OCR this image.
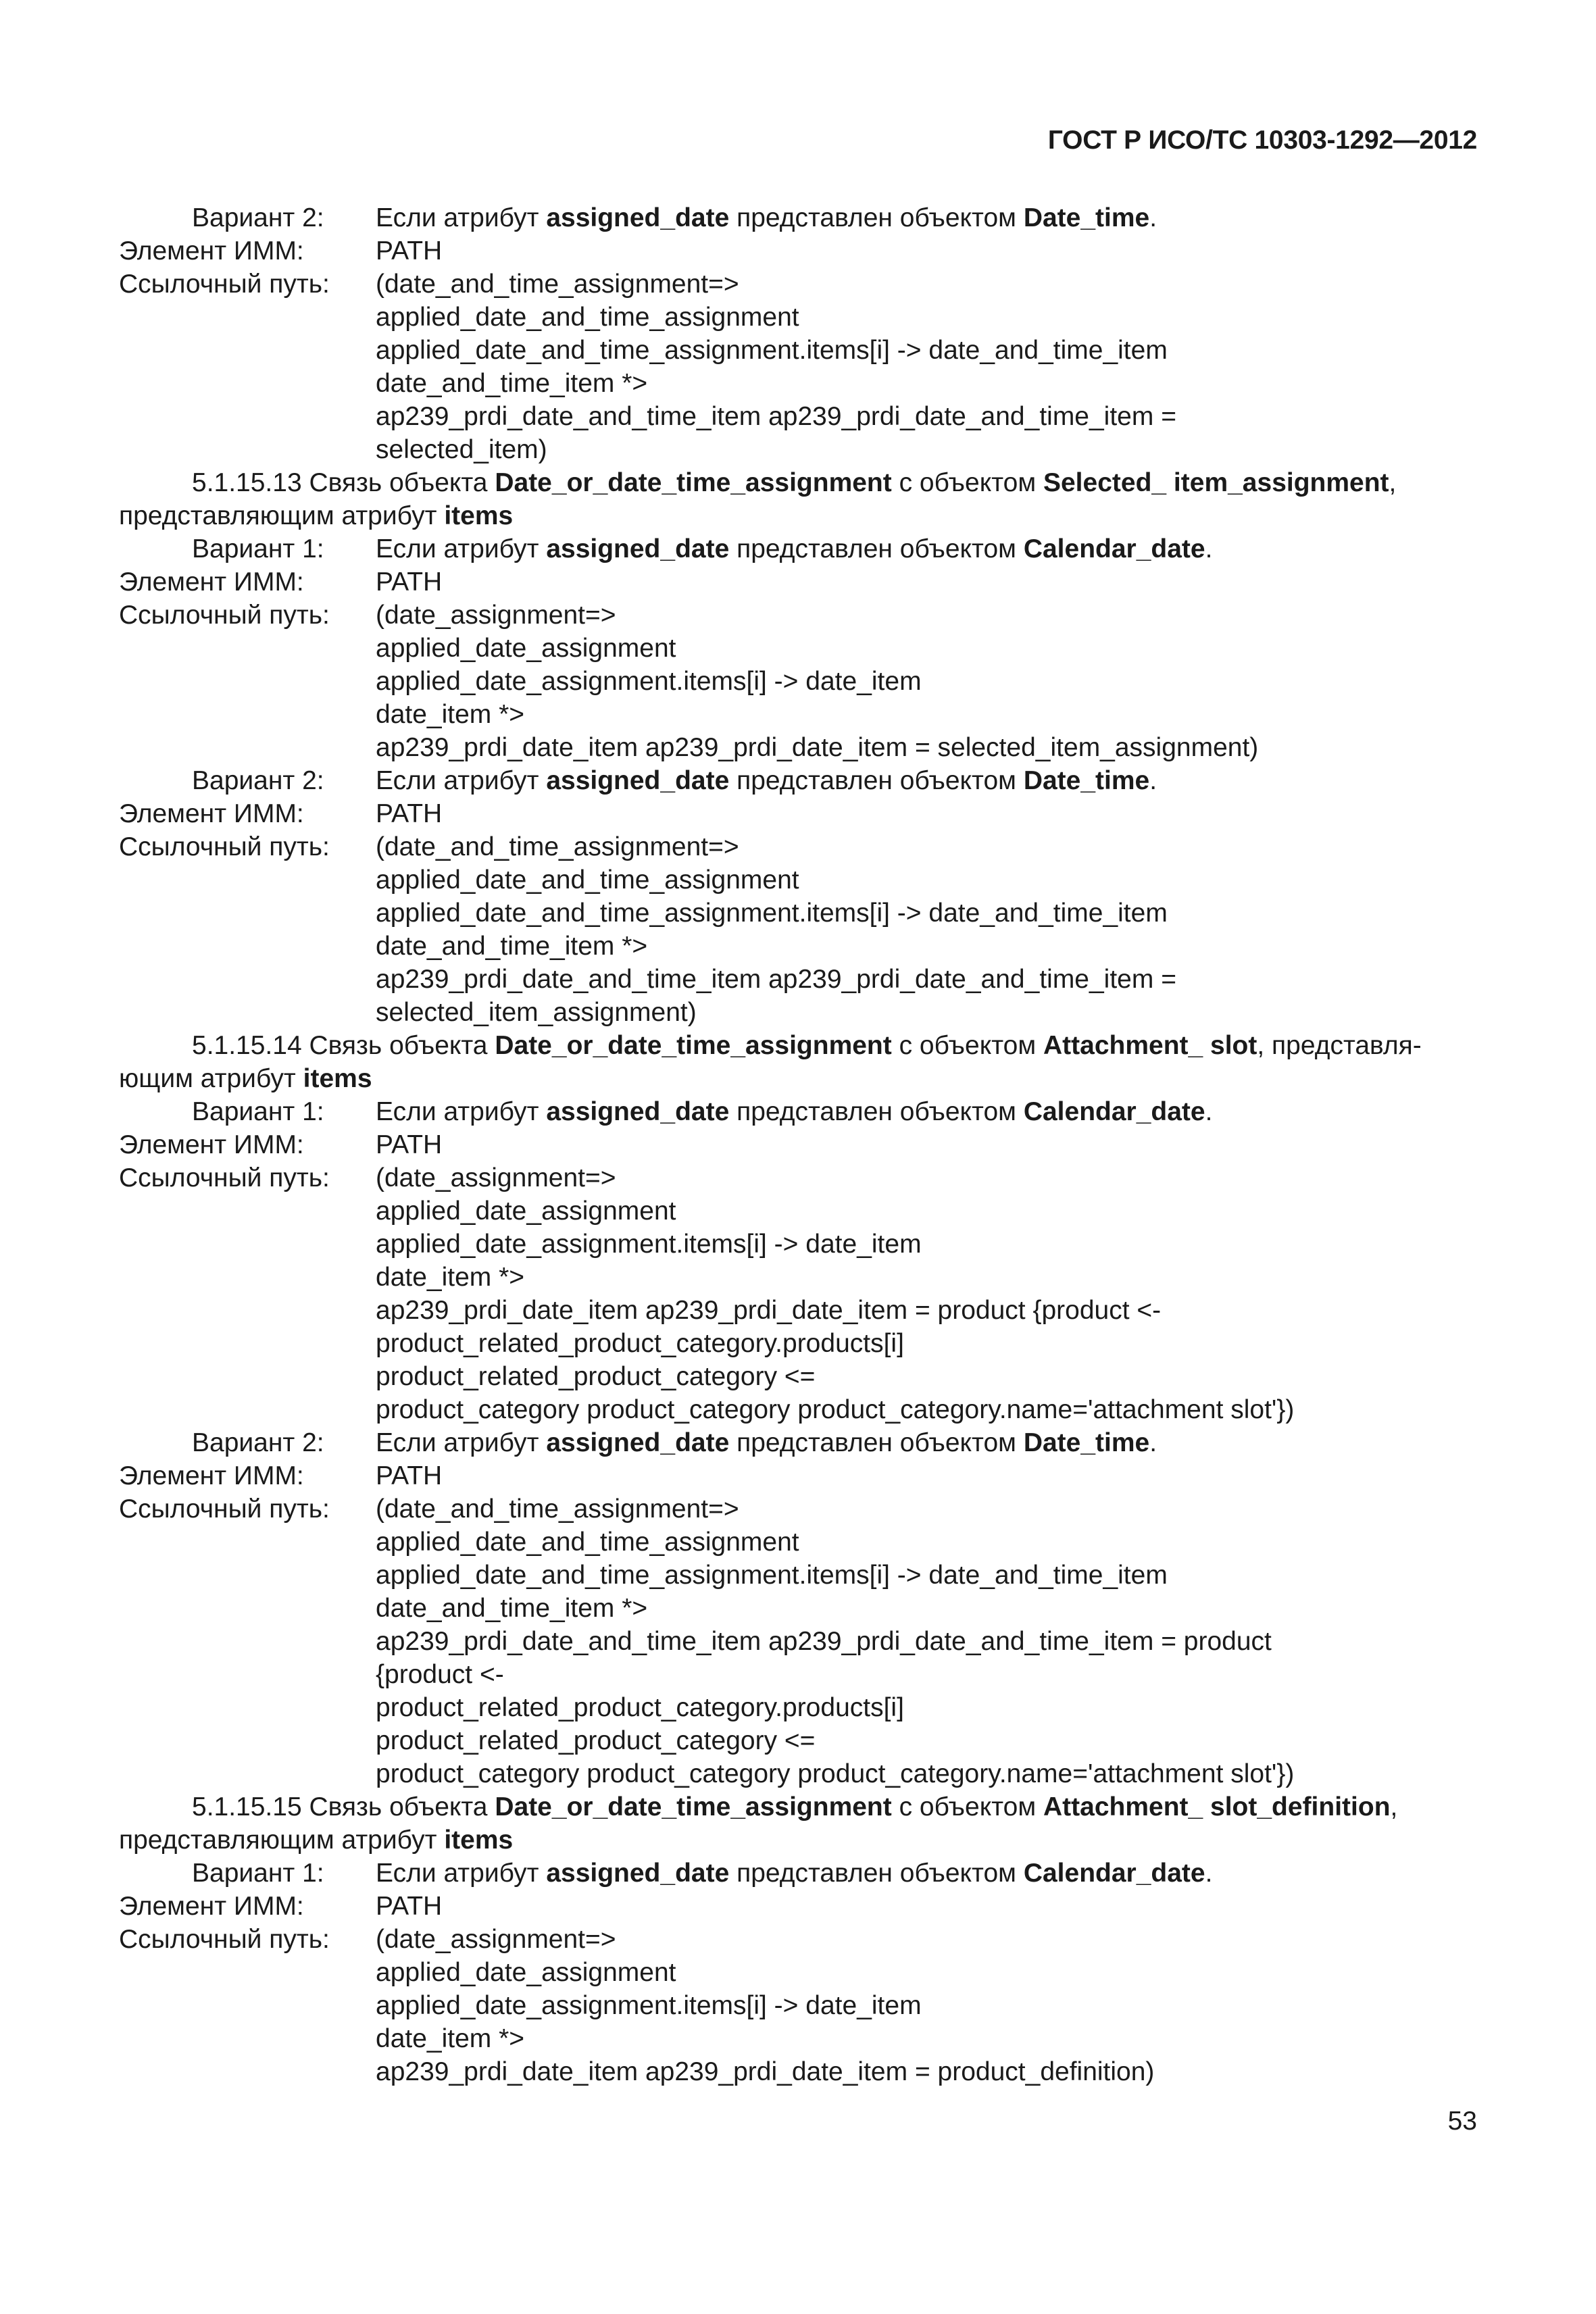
ГОСТ Р ИСО/ТС 10303-1292—2012
Вариант 2: Если атрибут assigned_date представлен объектом Date_time.
Элемент ИММ:	PATH
Ссылочный путь: (date_and_time_assignment=>
applied_date_and_time_assignment
applied_date_and_time_assignment.items[i] -> date_and_time_item
date_and_time_item *>
ap239_prdi_date_and_time_item ap239_prdi_date_and_time_item =
selected_item)
5.1.15.13 Связь объекта Date_or_date_time_assignment с объектом Selected_ item_assignment,
представляющим атрибут items
Вариант 1: Если атрибут assigned_date представлен объектом Calendar_date.
Элемент ИММ:	PATH
Ссылочный путь: (date_assignment=>
applied_date_assignment
applied_date_assignment.items[i] -> date_item
date_item *>
ap239_prdi_date_item ap239_prdi_date_item = selected_item_assignment)
Вариант 2: Если атрибут assigned_date представлен объектом Date_time.
Элемент ИММ:	PATH
Ссылочный путь: (date_and_time_assignment=>
applied_date_and_time_assignment
applied_date_and_time_assignment.items[i] -> date_and_time_item
date_and_time_item *>
ap239_prdi_date_and_time_item ap239_prdi_date_and_time_item =
selected_item_assignment)
5.1.15.14 Связь объекта Date_or_date_time_assignment с объектом Attachment_ slot, представля-
ющим атрибут items
Вариант 1: Если атрибут assigned_date представлен объектом Calendar_date.
Элемент ИММ:	PATH
Ссылочный путь: (date_assignment=>
applied_date_assignment
applied_date_assignment.items[i] -> date_item
date_item *>
ap239_prdi_date_item ap239_prdi_date_item = product {product <-
product_related_product_category.products[i]
product_related_product_category <=
product_category product_category product_category.name='attachment slot'})
Вариант 2: Если атрибут assigned_date представлен объектом Date_time.
Элемент ИММ:	PATH
Ссылочный путь: (date_and_time_assignment=>
applied_date_and_time_assignment
applied_date_and_time_assignment.items[i] -> date_and_time_item
date_and_time_item *>
ap239_prdi_date_and_time_item ap239_prdi_date_and_time_item = product
{product <-
product_related_product_category.products[i]
product_related_product_category <=
product_category product_category product_category.name='attachment slot'})
5.1.15.15 Связь объекта Date_or_date_time_assignment с объектом Attachment_ slot_definition,
представляющим атрибут items
Вариант 1: Если атрибут assigned_date представлен объектом Calendar_date.
Элемент ИММ:	PATH
Ссылочный путь: (date_assignment=>
applied_date_assignment
applied_date_assignment.items[i] -> date_item
date_item *>
ap239_prdi_date_item ap239_prdi_date_item = product_definition)
53
